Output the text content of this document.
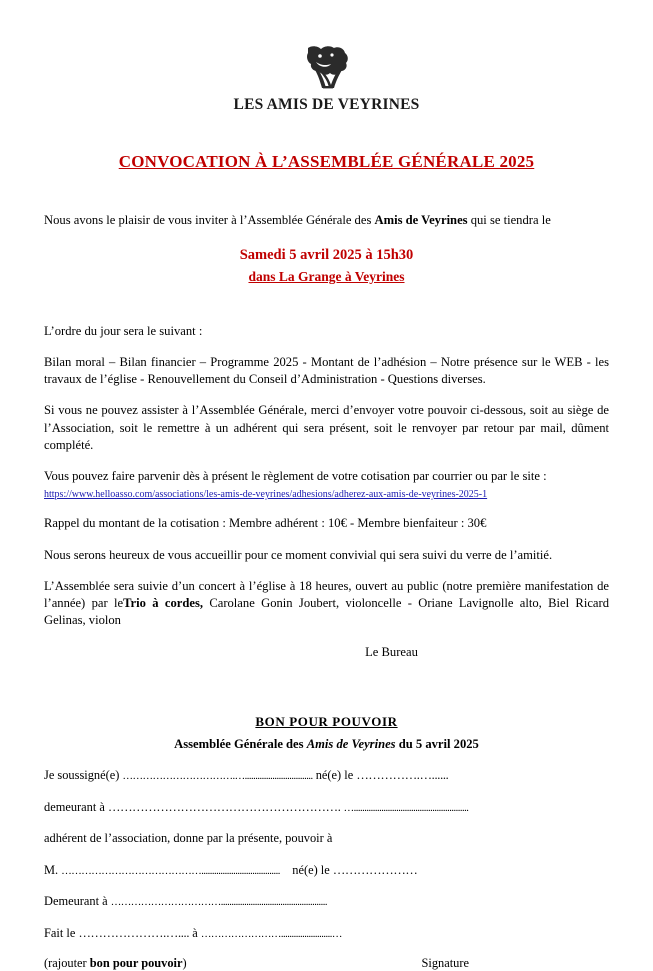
LES AMIS DE VEYRINES
CONVOCATION À L’ASSEMBLÉE GÉNÉRALE 2025

Nous avons le plaisir de vous inviter à l’Assemblée Générale des Amis de Veyrines qui se tiendra le

Samedi 5 avril 2025 à 15h30
dans La Grange à Veyrines

L’ordre du jour sera le suivant :

Bilan moral – Bilan financier – Programme 2025 - Montant de l’adhésion – Notre présence sur le WEB - les travaux de l’église - Renouvellement du Conseil d’Administration - Questions diverses.

Si vous ne pouvez assister à l’Assemblée Générale, merci d’envoyer votre pouvoir ci-dessous, soit au siège de l’Association, soit le remettre à un adhérent qui sera présent, soit le renvoyer par retour par mail, dûment complété.

Vous pouvez faire parvenir dès à présent le règlement de votre cotisation par courrier ou par le site :
https://www.helloasso.com/associations/les-amis-de-veyrines/adhesions/adherez-aux-amis-de-veyrines-2025-1

Rappel du montant de la cotisation : Membre adhérent : 10€ - Membre bienfaiteur : 30€

Nous serons heureux de vous accueillir pour ce moment convivial qui sera suivi du verre de l’amitié.

L’Assemblée sera suivie d’un concert à l’église à 18 heures, ouvert au public (notre première manifestation de l’année) par leTrio à cordes, Carolane Gonin Joubert, violoncelle - Oriane Lavignolle alto, Biel Ricard Gelinas, violon

Le Bureau
BON POUR POUVOIR
Assemblée Générale des Amis de Veyrines du 5 avril 2025
Je soussigné(e) …………………………….…................................ né(e) le …………….…......
demeurant à …………………………………………………. …......................................................
adhérent de l’association, donne par la présente, pouvoir à
M. ……………………………………..................................... né(e) le …………………
Demeurant à ……………………………..................................................
Fait le ………………….….... à ……………………........................…
(rajouter bon pour pouvoir)	Signature
